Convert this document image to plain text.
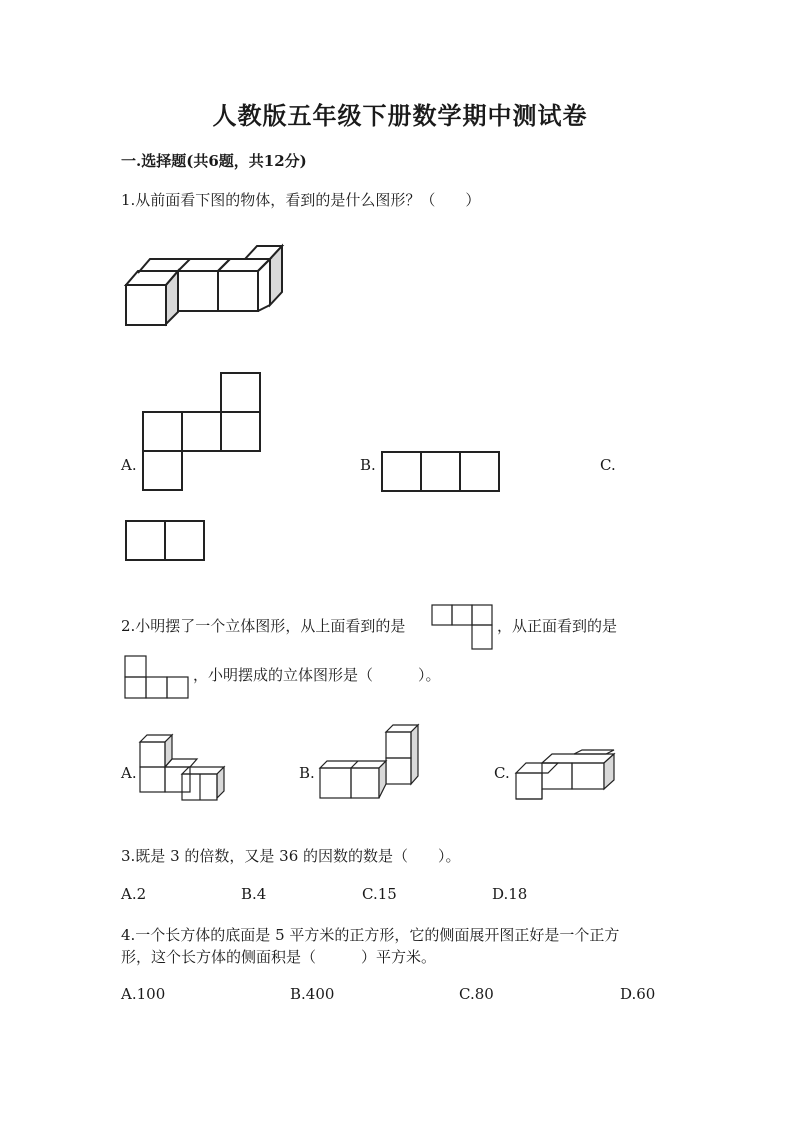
人教版五年级下册数学期中测试卷
一.选择题(共6题，共12分)
1.从前面看下图的物体，看到的是什么图形？（　　）
A.	B.	C.
2.小明摆了一个立体图形，从上面看到的是	，从正面看到的是
，小明摆成的立体图形是（　　　）。
A.	B.	C.
3.既是 3 的倍数，又是 36 的因数的数是（　　）。
A.2	B.4	C.15	D.18
4.一个长方体的底面是 5 平方米的正方形，它的侧面展开图正好是一个正方
形，这个长方体的侧面积是（　　　）平方米。
A.100	B.400	C.80	D.60
